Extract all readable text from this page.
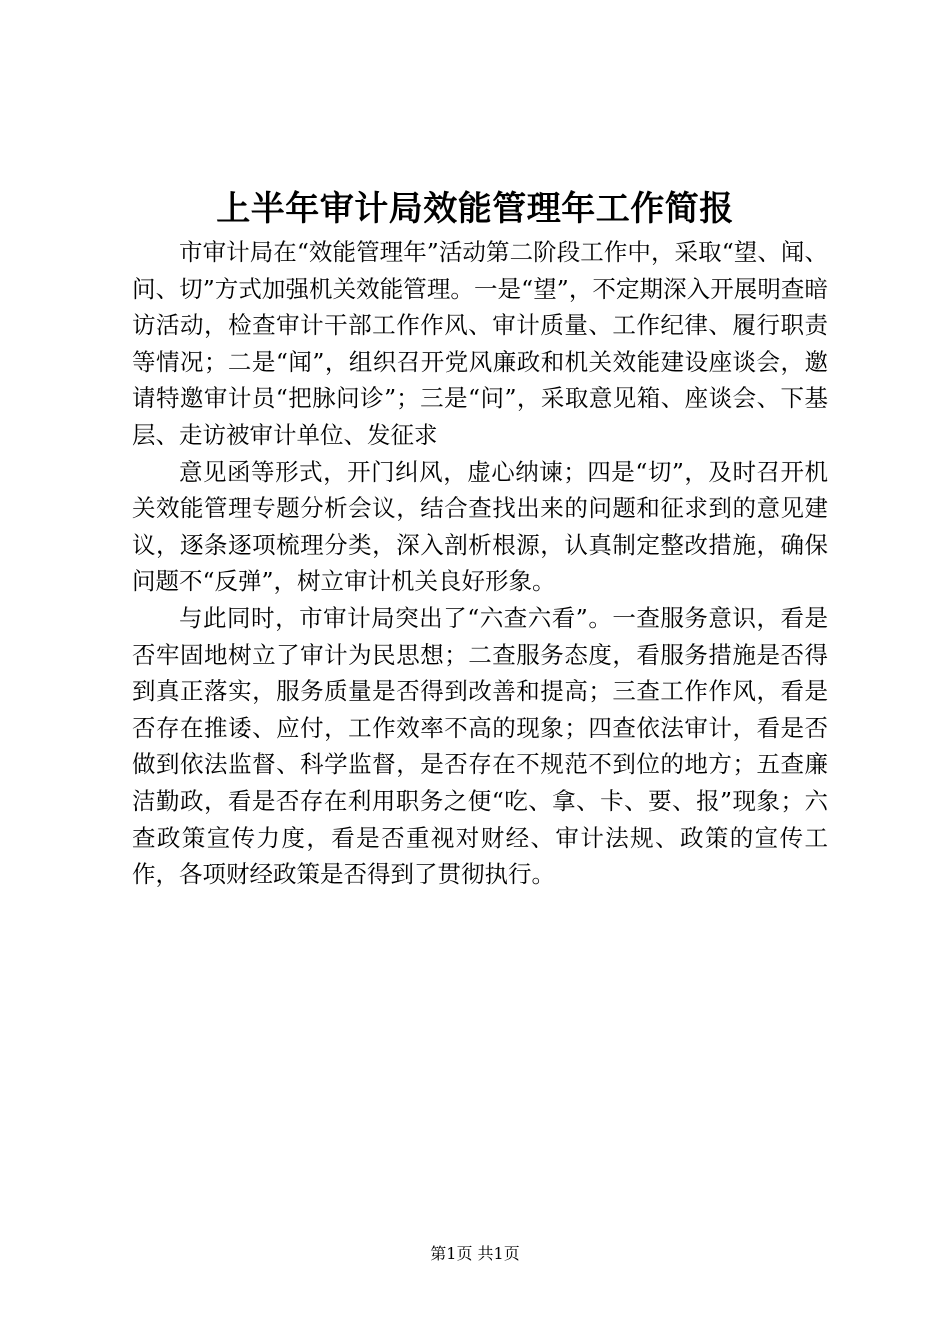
上半年审计局效能管理年工作简报

市审计局在“效能管理年”活动第二阶段工作中，采取“望、闻、问、切”方式加强机关效能管理。一是“望”，不定期深入开展明查暗访活动，检查审计干部工作作风、审计质量、工作纪律、履行职责等情况；二是“闻”，组织召开党风廉政和机关效能建设座谈会，邀请特邀审计员“把脉问诊”；三是“问”，采取意见箱、座谈会、下基层、走访被审计单位、发征求

意见函等形式，开门纠风，虚心纳谏；四是“切”，及时召开机关效能管理专题分析会议，结合查找出来的问题和征求到的意见建议，逐条逐项梳理分类，深入剖析根源，认真制定整改措施，确保问题不“反弹”，树立审计机关良好形象。

与此同时，市审计局突出了“六查六看”。一查服务意识，看是否牢固地树立了审计为民思想；二查服务态度，看服务措施是否得到真正落实，服务质量是否得到改善和提高；三查工作作风，看是否存在推诿、应付，工作效率不高的现象；四查依法审计，看是否做到依法监督、科学监督，是否存在不规范不到位的地方；五查廉洁勤政，看是否存在利用职务之便“吃、拿、卡、要、报”现象；六查政策宣传力度，看是否重视对财经、审计法规、政策的宣传工作，各项财经政策是否得到了贯彻执行。

第1页 共1页
